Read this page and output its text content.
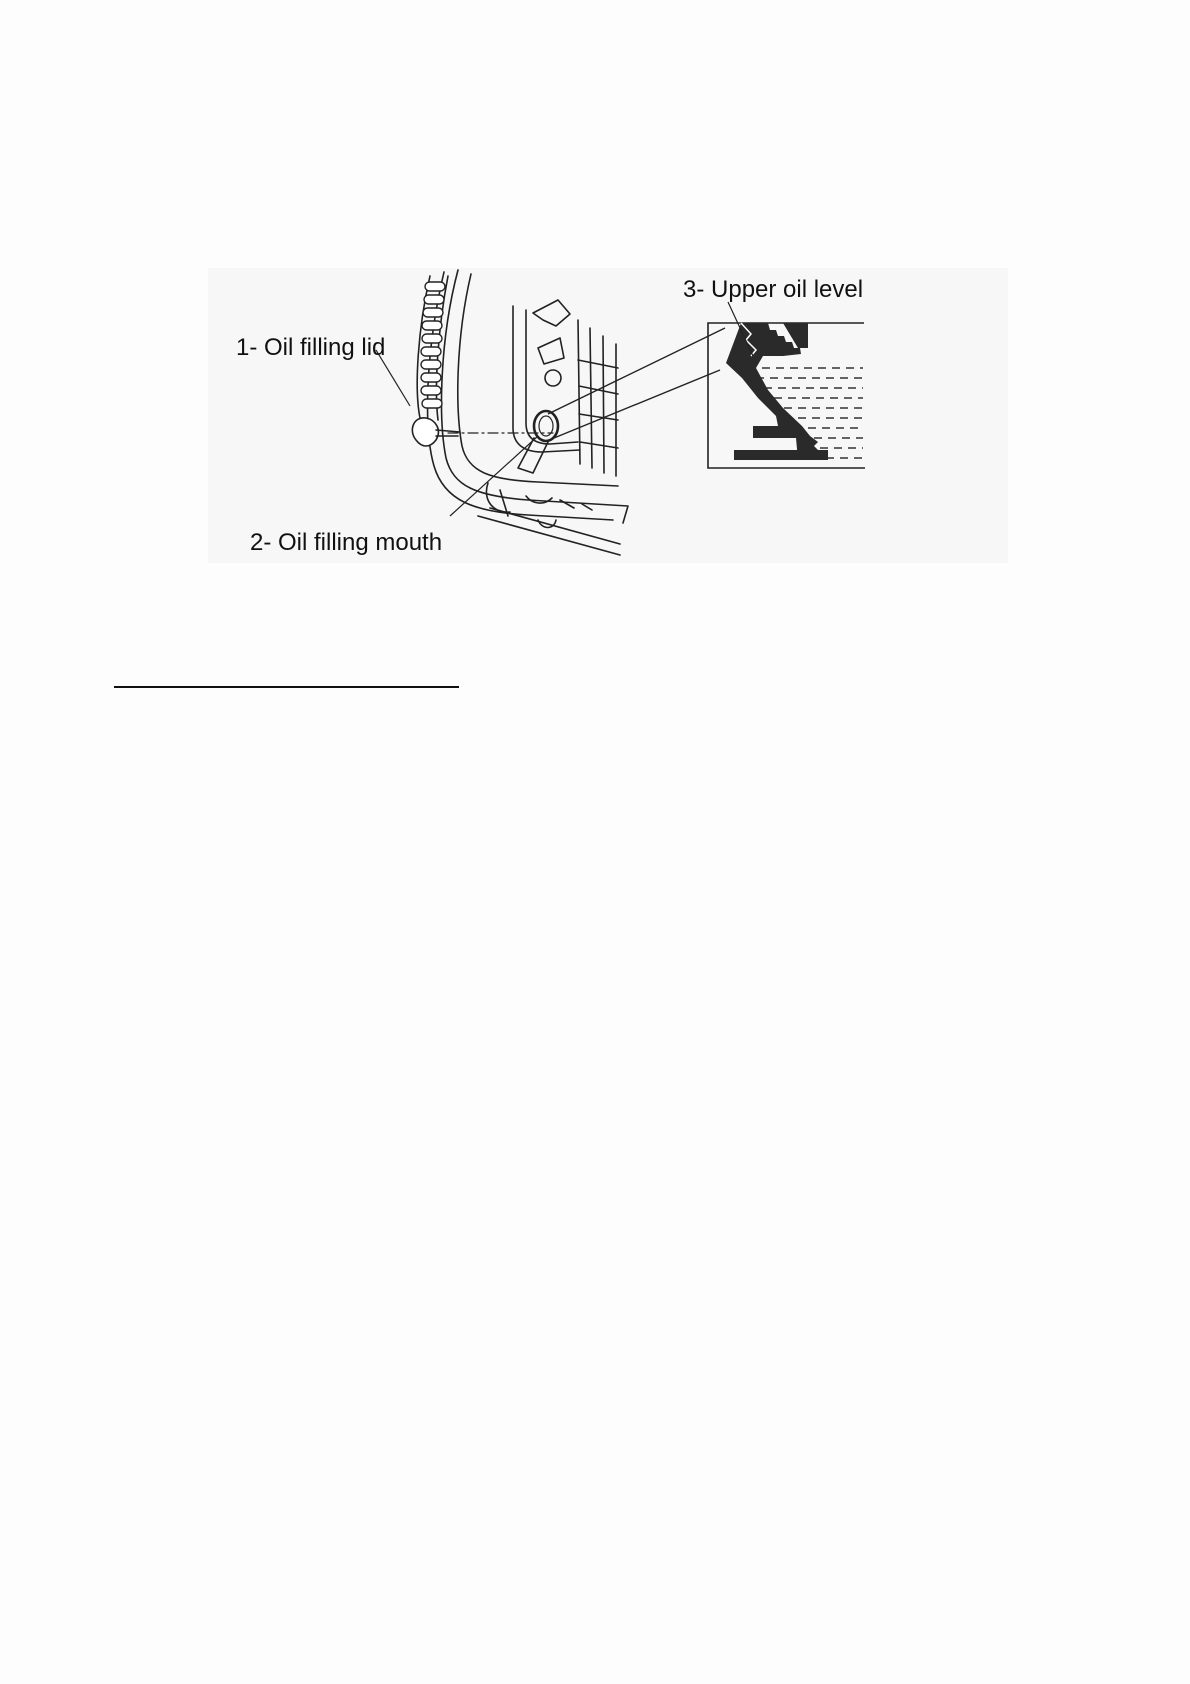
1- Oil filling lid
2- Oil filling mouth
3- Upper oil level
